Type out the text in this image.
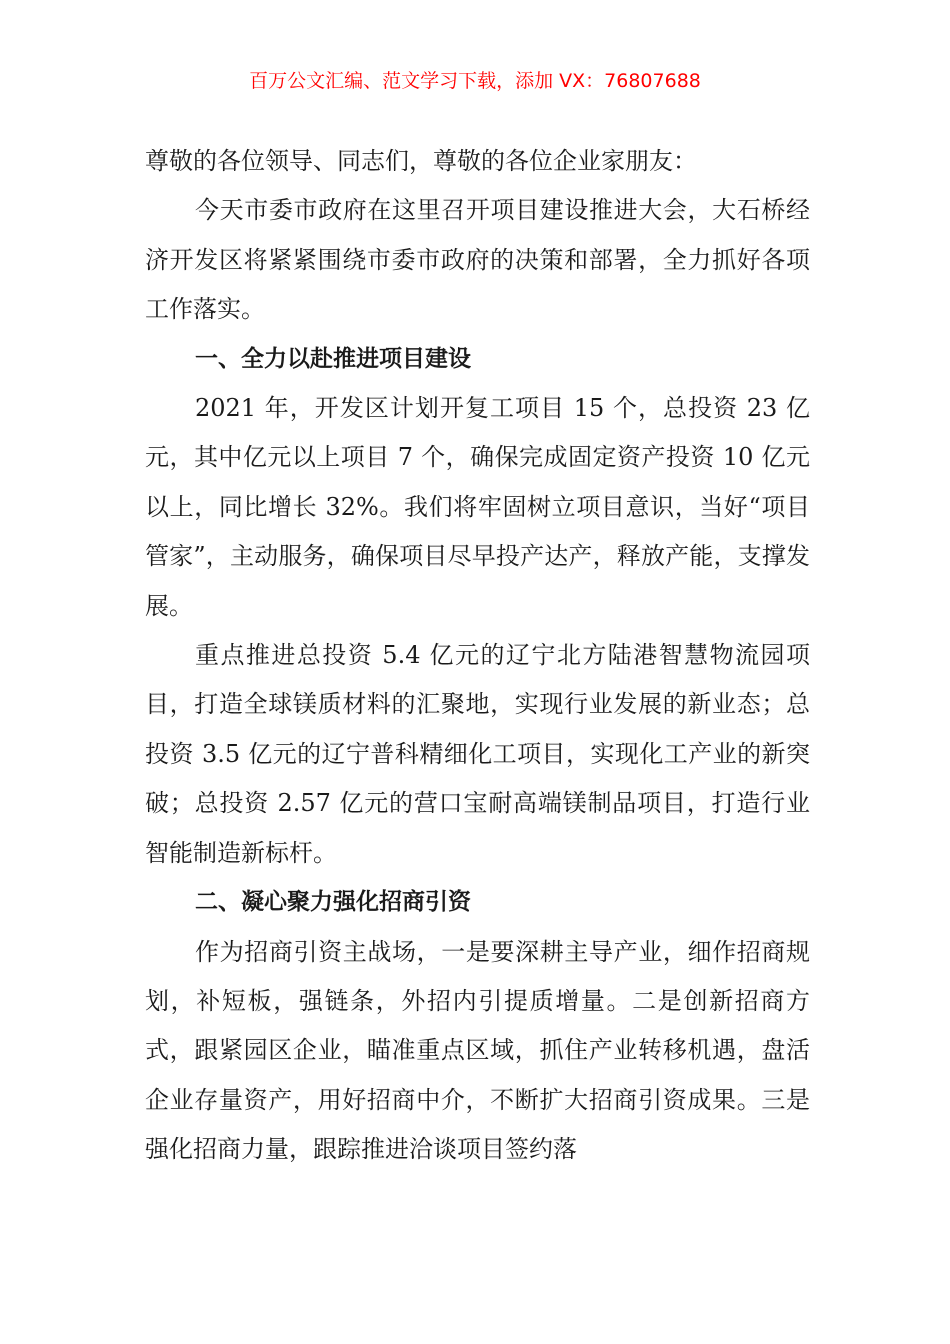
百万公文汇编、范文学习下载，添加 VX：76807688

尊敬的各位领导、同志们，尊敬的各位企业家朋友：

今天市委市政府在这里召开项目建设推进大会，大石桥经济开发区将紧紧围绕市委市政府的决策和部署，全力抓好各项工作落实。

一、全力以赴推进项目建设

2021 年，开发区计划开复工项目 15 个，总投资 23 亿元，其中亿元以上项目 7 个，确保完成固定资产投资 10 亿元以上，同比增长 32%。我们将牢固树立项目意识，当好“项目管家”，主动服务，确保项目尽早投产达产，释放产能，支撑发展。

重点推进总投资 5.4 亿元的辽宁北方陆港智慧物流园项目，打造全球镁质材料的汇聚地，实现行业发展的新业态；总投资 3.5 亿元的辽宁普科精细化工项目，实现化工产业的新突破；总投资 2.57 亿元的营口宝耐高端镁制品项目，打造行业智能制造新标杆。

二、凝心聚力强化招商引资

作为招商引资主战场，一是要深耕主导产业，细作招商规划，补短板，强链条，外招内引提质增量。二是创新招商方式，跟紧园区企业，瞄准重点区域，抓住产业转移机遇，盘活企业存量资产，用好招商中介，不断扩大招商引资成果。三是强化招商力量，跟踪推进洽谈项目签约落
